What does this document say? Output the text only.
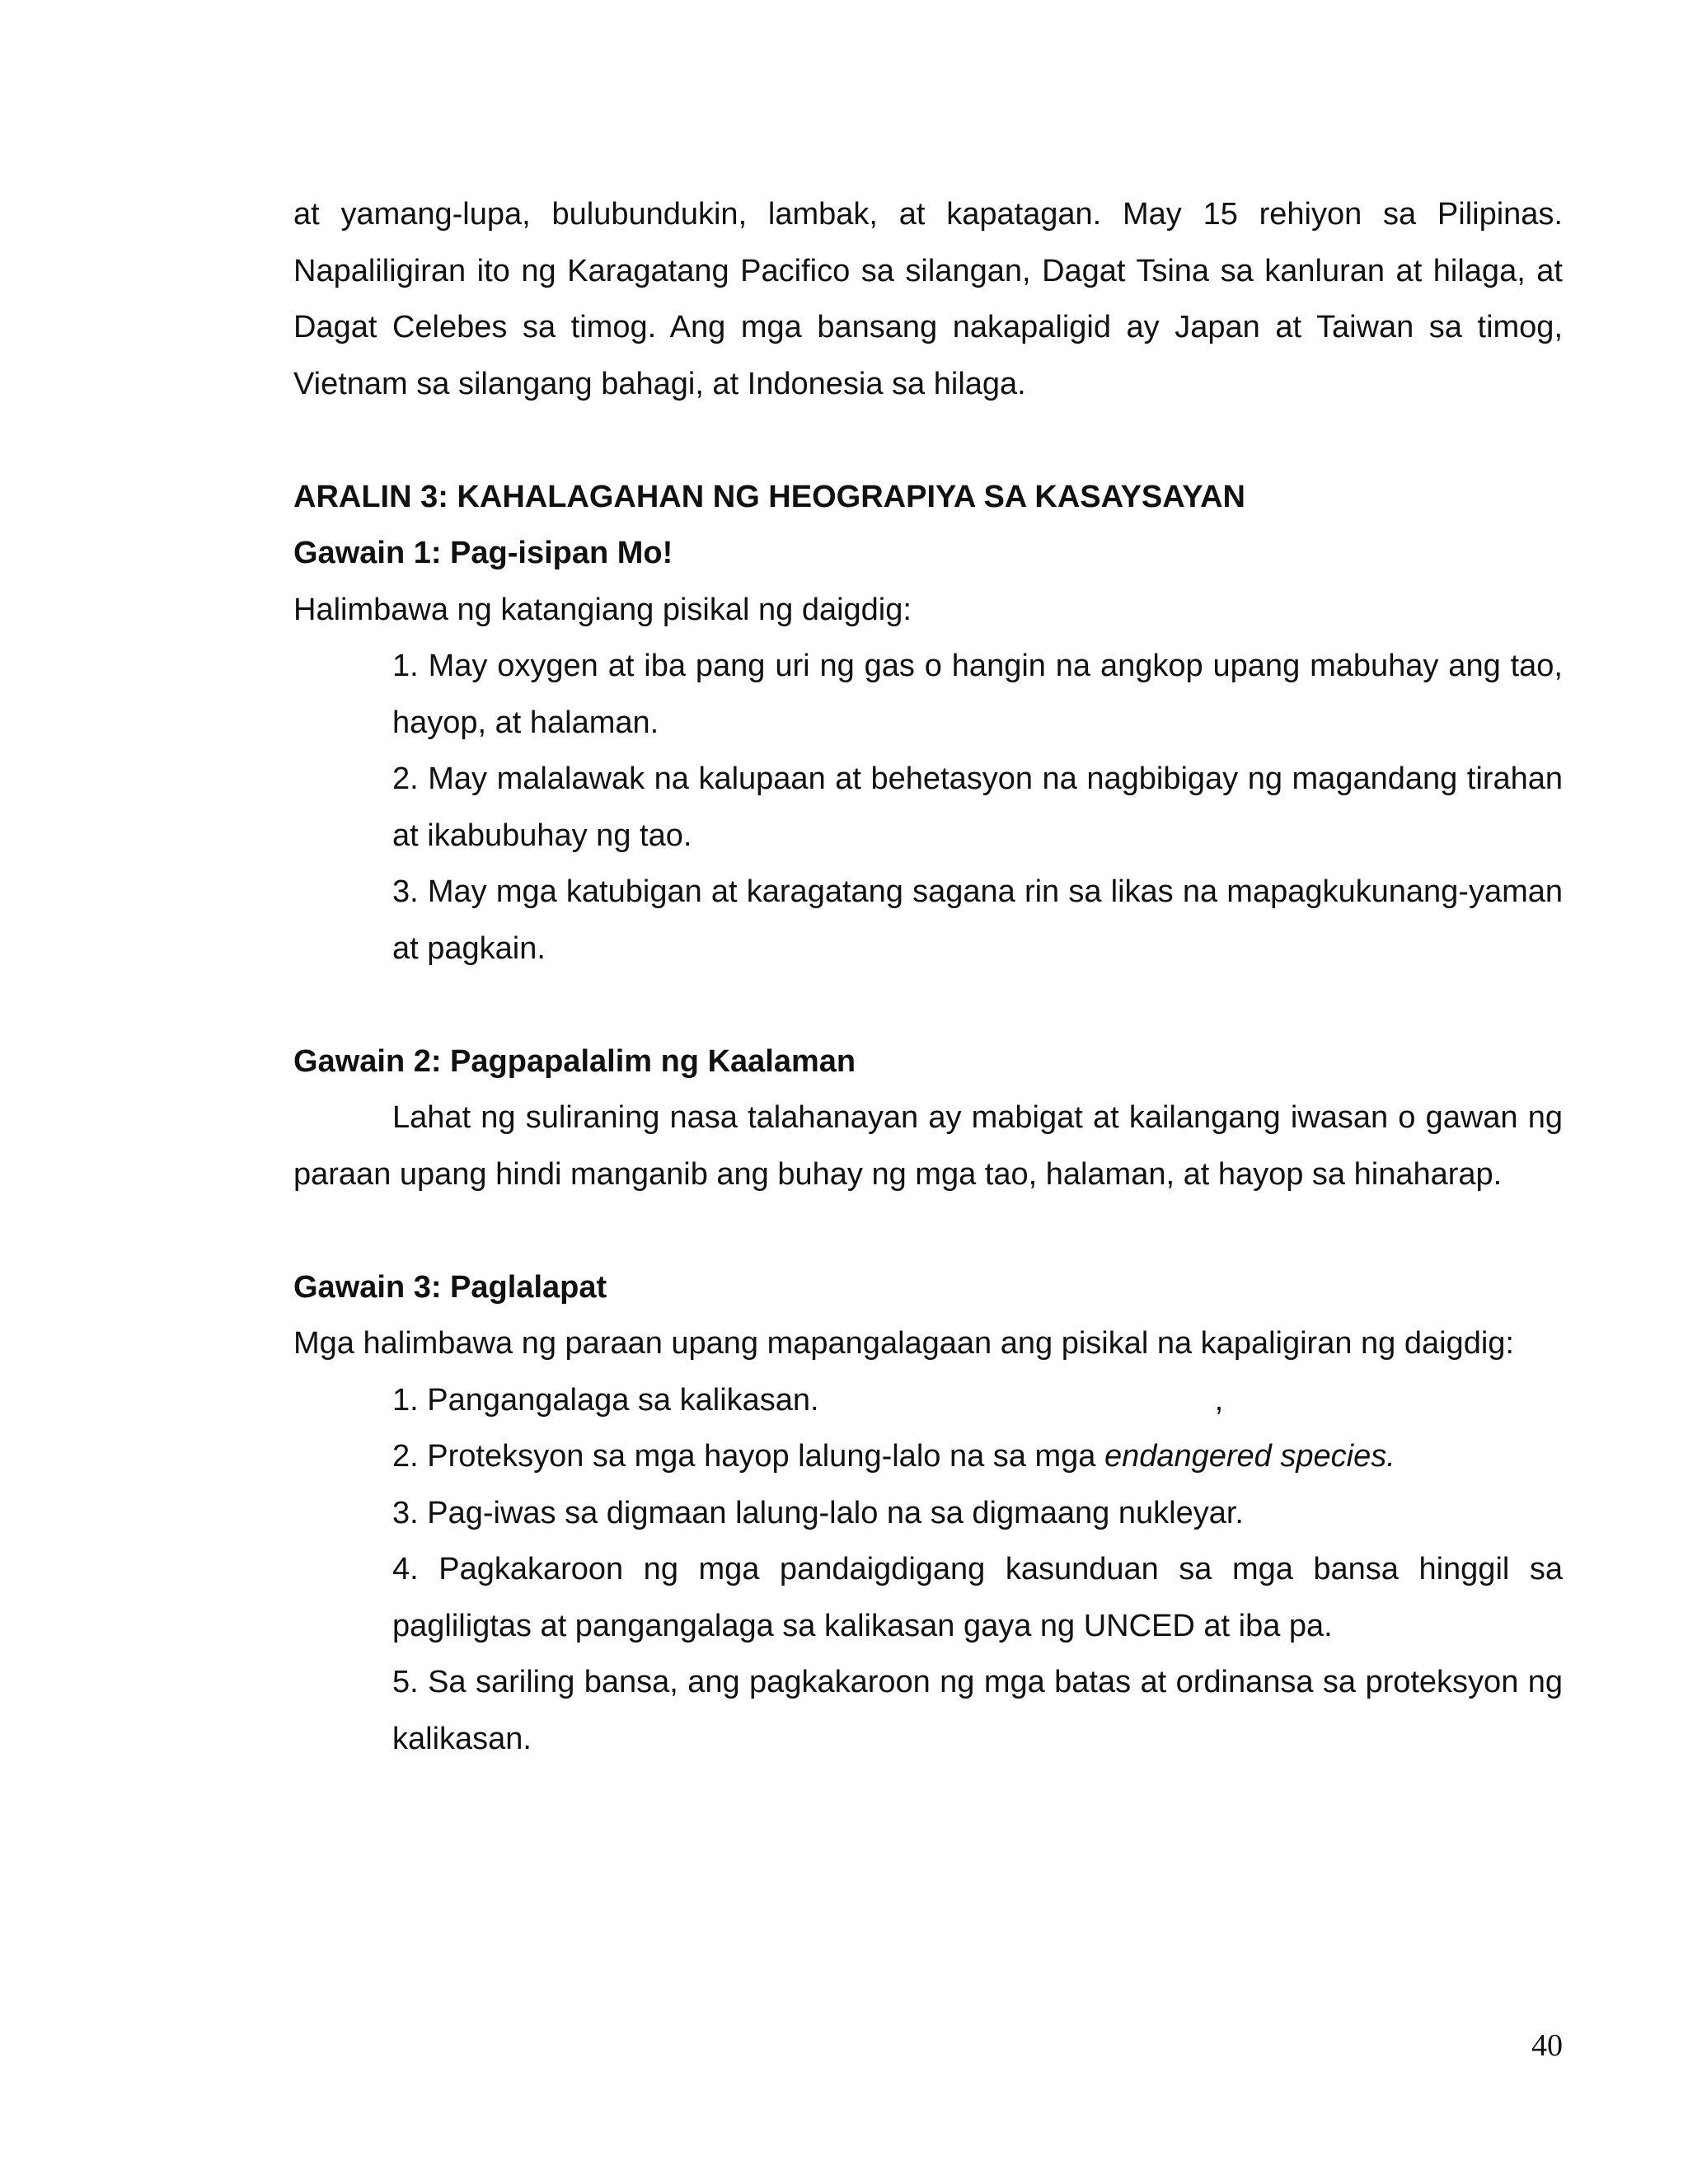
at yamang-lupa, bulubundukin, lambak, at kapatagan. May 15 rehiyon sa Pilipinas. Napaliligiran ito ng Karagatang Pacifico sa silangan, Dagat Tsina sa kanluran at hilaga, at Dagat Celebes sa timog. Ang mga bansang nakapaligid ay Japan at Taiwan sa timog, Vietnam sa silangang bahagi, at Indonesia sa hilaga.

ARALIN 3: KAHALAGAHAN NG HEOGRAPIYA SA KASAYSAYAN

Gawain 1: Pag-isipan Mo!

Halimbawa ng katangiang pisikal ng daigdig:

1. May oxygen at iba pang uri ng gas o hangin na angkop upang mabuhay ang tao, hayop, at halaman.

2. May malalawak na kalupaan at behetasyon na nagbibigay ng magandang tirahan at ikabubuhay ng tao.

3. May mga katubigan at karagatang sagana rin sa likas na mapagkukunang-yaman at pagkain.

Gawain 2: Pagpapalalim ng Kaalaman

Lahat ng suliraning nasa talahanayan ay mabigat at kailangang iwasan o gawan ng paraan upang hindi manganib ang buhay ng mga tao, halaman, at hayop sa hinaharap.

Gawain 3: Paglalapat

Mga halimbawa ng paraan upang mapangalagaan ang pisikal na kapaligiran ng daigdig:

1. Pangangalaga sa kalikasan.	,

2. Proteksyon sa mga hayop lalung-lalo na sa mga endangered species.

3. Pag-iwas sa digmaan lalung-lalo na sa digmaang nukleyar.

4. Pagkakaroon ng mga pandaigdigang kasunduan sa mga bansa hinggil sa pagliligtas at pangangalaga sa kalikasan gaya ng UNCED at iba pa.

5. Sa sariling bansa, ang pagkakaroon ng mga batas at ordinansa sa proteksyon ng kalikasan.

40
